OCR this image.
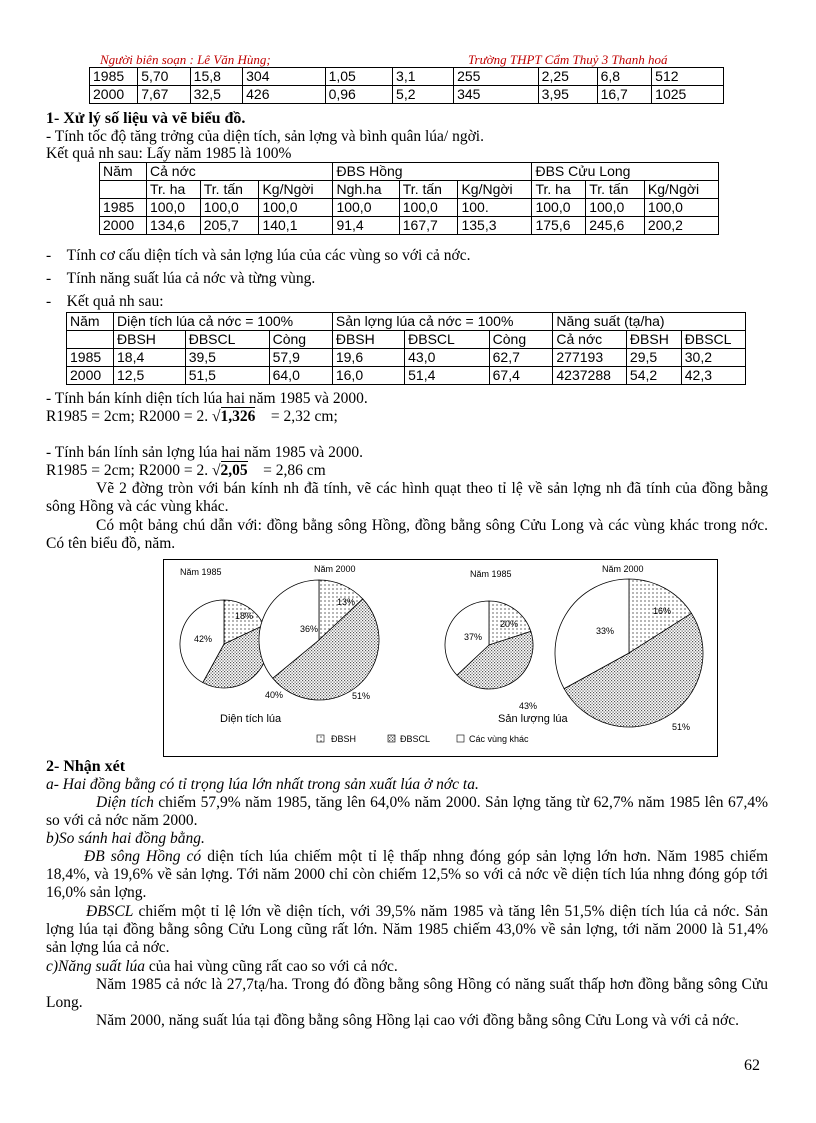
Người biên soạn : Lê Văn Hùng;	Trường THPT Cẩm Thuỷ 3 Thanh hoá
1985	5,70	15,8	304	1,05	3,1	255	2,25	6,8	512
2000	7,67	32,5	426	0,96	5,2	345	3,95	16,7	1025
1- Xử lý số liệu và vẽ biểu đồ.
- Tính tốc độ tăng trởng của diện tích, sản lợng và bình quân lúa/ ngời.
Kết quả nh sau: Lấy năm 1985 là 100%
Năm	Cả nớc			ĐBS Hồng			ĐBS Cửu Long		
	Tr. ha	Tr. tấn	Kg/Ngời	Ngh.ha	Tr. tấn	Kg/Ngời	Tr. ha	Tr. tấn	Kg/Ngời
1985	100,0	100,0	100,0	100,0	100,0	100.	100,0	100,0	100,0
2000	134,6	205,7	140,1	91,4	167,7	135,3	175,6	245,6	200,2
-    Tính cơ cấu diện tích và sản lợng lúa của các vùng so với cả nớc.
-    Tính năng suất lúa cả nớc và từng vùng.
-    Kết quả nh sau:
Năm	Diện tích lúa cả nớc = 100%			Sản lợng lúa cả nớc = 100%			Năng suất (tạ/ha)		
	ĐBSH	ĐBSCL	Còng	ĐBSH	ĐBSCL	Còng	Cả nớc	ĐBSH	ĐBSCL
1985	18,4	39,5	57,9	19,6	43,0	62,7	277193	29,5	30,2
2000	12,5	51,5	64,0	16,0	51,4	67,4	4237288	54,2	42,3
- Tính bán kính diện tích lúa hai năm 1985 và 2000.
R1985 = 2cm; R2000 = 2. √1,326 = 2,32 cm;
- Tính bán lính sản lợng lúa hai năm 1985 và 2000.
R1985 = 2cm; R2000 = 2. √2,05 = 2,86 cm
Vẽ 2 đờng tròn với bán kính nh đã tính, vẽ các hình quạt theo tỉ lệ về sản lợng nh đã tính của đồng bằng sông Hồng và các vùng khác.
Có một bảng chú dẫn với: đồng bằng sông Hồng, đồng bằng sông Cửu Long và các vùng khác trong nớc. Có tên biểu đồ, năm.
Diện tích lúa	Sản lượng lúa
ĐBSH	ĐBSCL	Các vùng khác
Năm 1985
18%
40%
42%
Năm 2000
13%
51%
36%
Năm 1985
20%
43%
37%
Năm 2000
16%
51%
33%
2- Nhận xét
a- Hai đồng bằng có tỉ trọng lúa lớn nhất trong sản xuất lúa ở nớc ta.
Diện tích chiếm 57,9% năm 1985, tăng lên 64,0% năm 2000. Sản lợng tăng từ 62,7% năm 1985 lên 67,4% so với cả nớc năm 2000.
b)So sánh hai đồng bằng.
ĐB sông Hồng có diện tích lúa chiếm một tỉ lệ thấp nhng đóng góp sản lợng lớn hơn. Năm 1985 chiếm 18,4%, và 19,6% về sản lợng. Tới năm 2000 chỉ còn chiếm 12,5% so với cả nớc về diện tích lúa nhng đóng góp tới 16,0% sản lợng.
ĐBSCL chiếm một tỉ lệ lớn về diện tích, với 39,5% năm 1985 và tăng lên 51,5% diện tích lúa cả nớc. Sản lợng lúa tại đồng bằng sông Cửu Long cũng rất lớn. Năm 1985 chiếm 43,0% về sản lợng, tới năm 2000 là 51,4% sản lợng lúa cả nớc.
c)Năng suất lúa của hai vùng cũng rất cao so với cả nớc.
Năm 1985 cả nớc là 27,7tạ/ha. Trong đó đồng bằng sông Hồng có năng suất thấp hơn đồng bằng sông Cửu Long.
Năm 2000, năng suất lúa tại đồng bằng sông Hồng lại cao với đồng bằng sông Cửu Long và với cả nớc.
62
